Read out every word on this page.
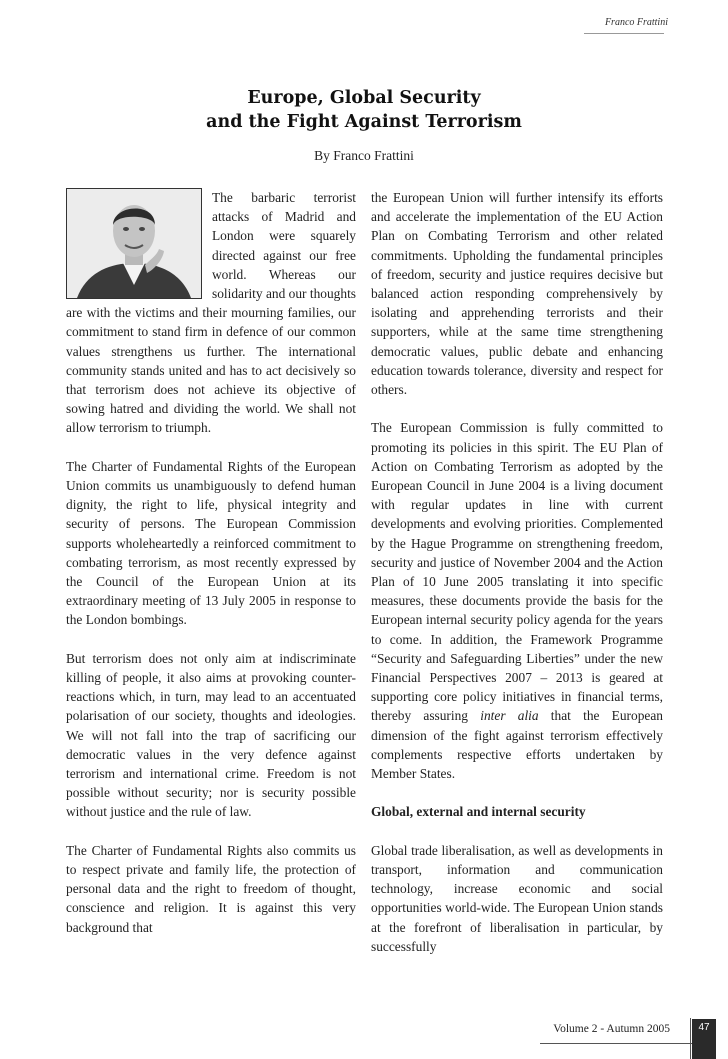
Franco Frattini
Europe, Global Security
and the Fight Against Terrorism
By Franco Frattini

The barbaric terrorist attacks of Madrid and London were squarely directed against our free world. Whereas our solidarity and our thoughts are with the victims and their mourning families, our commitment to stand firm in defence of our common values strengthens us further. The international community stands united and has to act decisively so that terrorism does not achieve its objective of sowing hatred and dividing the world. We shall not allow terrorism to triumph.

The Charter of Fundamental Rights of the European Union commits us unambiguously to defend human dignity, the right to life, physical integrity and security of persons. The European Commission supports wholeheartedly a reinforced commitment to combating terrorism, as most recently expressed by the Council of the European Union at its extraordinary meeting of 13 July 2005 in response to the London bombings.

But terrorism does not only aim at indiscriminate killing of people, it also aims at provoking counter-reactions which, in turn, may lead to an accentuated polarisation of our society, thoughts and ideologies. We will not fall into the trap of sacrificing our democratic values in the very defence against terrorism and international crime. Freedom is not possible without security; nor is security possible without justice and the rule of law.

The Charter of Fundamental Rights also commits us to respect private and family life, the protection of personal data and the right to freedom of thought, conscience and religion. It is against this very background that

the European Union will further intensify its efforts and accelerate the implementation of the EU Action Plan on Combating Terrorism and other related commitments. Upholding the fundamental principles of freedom, security and justice requires decisive but balanced action responding comprehensively by isolating and apprehending terrorists and their supporters, while at the same time strengthening democratic values, public debate and enhancing education towards tolerance, diversity and respect for others.

The European Commission is fully committed to promoting its policies in this spirit. The EU Plan of Action on Combating Terrorism as adopted by the European Council in June 2004 is a living document with regular updates in line with current developments and evolving priorities. Complemented by the Hague Programme on strengthening freedom, security and justice of November 2004 and the Action Plan of 10 June 2005 translating it into specific measures, these documents provide the basis for the European internal security policy agenda for the years to come. In addition, the Framework Programme “Security and Safeguarding Liberties” under the new Financial Perspectives 2007 – 2013 is geared at supporting core policy initiatives in financial terms, thereby assuring inter alia that the European dimension of the fight against terrorism effectively complements respective efforts undertaken by Member States.

Global, external and internal security

Global trade liberalisation, as well as developments in transport, information and communication technology, increase economic and social opportunities world-wide. The European Union stands at the forefront of liberalisation in particular, by successfully

Volume 2 - Autumn 2005	47
